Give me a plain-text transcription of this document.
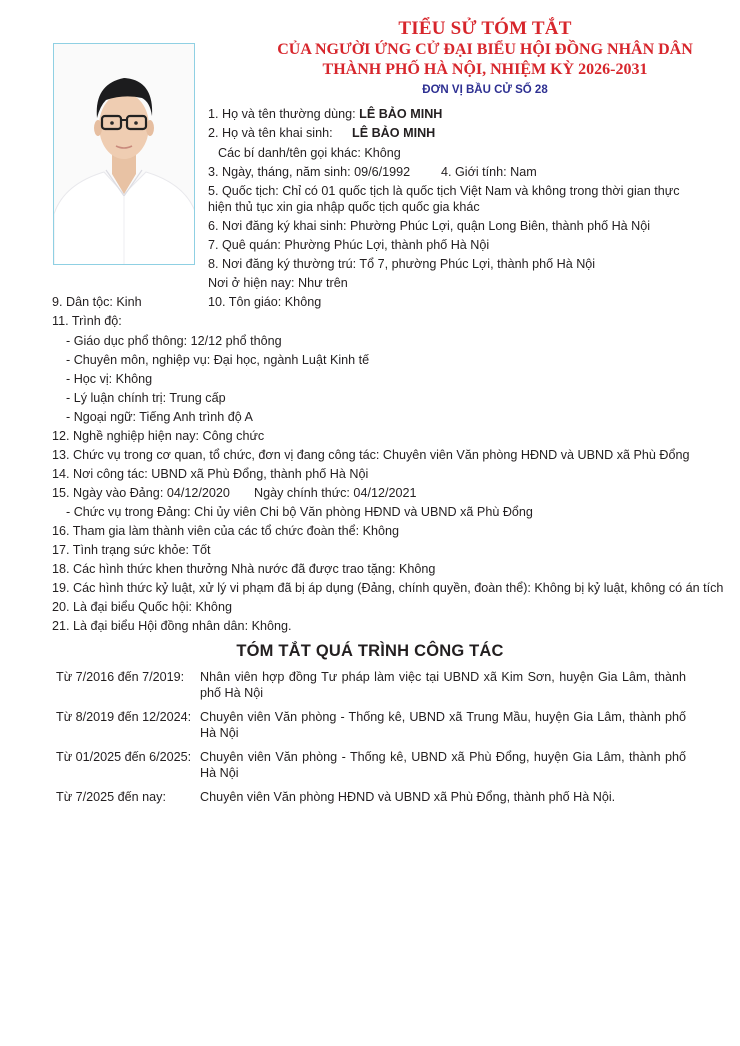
TIỂU SỬ TÓM TẮT
CỦA NGƯỜI ỨNG CỬ ĐẠI BIỂU HỘI ĐỒNG NHÂN DÂN
THÀNH PHỐ HÀ NỘI, NHIỆM KỲ 2026-2031
ĐƠN VỊ BẦU CỬ SỐ 28
1. Họ và tên thường dùng: LÊ BẢO MINH
2. Họ và tên khai sinh: LÊ BẢO MINH
Các bí danh/tên gọi khác: Không
3. Ngày, tháng, năm sinh: 09/6/1992 4. Giới tính: Nam
5. Quốc tịch: Chỉ có 01 quốc tịch là quốc tịch Việt Nam và không trong thời gian thực hiện thủ tục xin gia nhập quốc tịch quốc gia khác
6. Nơi đăng ký khai sinh: Phường Phúc Lợi, quận Long Biên, thành phố Hà Nội
7. Quê quán: Phường Phúc Lợi, thành phố Hà Nội
8. Nơi đăng ký thường trú: Tổ 7, phường Phúc Lợi, thành phố Hà Nội
Nơi ở hiện nay: Như trên
9. Dân tộc: Kinh	10. Tôn giáo: Không
11. Trình độ:
- Giáo dục phổ thông: 12/12 phổ thông
- Chuyên môn, nghiệp vụ: Đại học, ngành Luật Kinh tế
- Học vị: Không
- Lý luận chính trị: Trung cấp
- Ngoại ngữ: Tiếng Anh trình độ A
12. Nghề nghiệp hiện nay: Công chức
13. Chức vụ trong cơ quan, tổ chức, đơn vị đang công tác: Chuyên viên Văn phòng HĐND và UBND xã Phù Đổng
14. Nơi công tác: UBND xã Phù Đổng, thành phố Hà Nội
15. Ngày vào Đảng: 04/12/2020 Ngày chính thức: 04/12/2021
- Chức vụ trong Đảng: Chi ủy viên Chi bộ Văn phòng HĐND và UBND xã Phù Đổng
16. Tham gia làm thành viên của các tổ chức đoàn thể: Không
17. Tình trạng sức khỏe: Tốt
18. Các hình thức khen thưởng Nhà nước đã được trao tặng: Không
19. Các hình thức kỷ luật, xử lý vi phạm đã bị áp dụng (Đảng, chính quyền, đoàn thể): Không bị kỷ luật, không có án tích
20. Là đại biểu Quốc hội: Không
21. Là đại biểu Hội đồng nhân dân: Không.
TÓM TẮT QUÁ TRÌNH CÔNG TÁC
Từ 7/2016 đến 7/2019:	Nhân viên hợp đồng Tư pháp làm việc tại UBND xã Kim Sơn, huyện Gia Lâm, thành phố Hà Nội
Từ 8/2019 đến 12/2024: Chuyên viên Văn phòng - Thống kê, UBND xã Trung Mầu, huyện Gia Lâm, thành phố Hà Nội
Từ 01/2025 đến 6/2025: Chuyên viên Văn phòng - Thống kê, UBND xã Phù Đổng, huyện Gia Lâm, thành phố Hà Nội
Từ 7/2025 đến nay:	Chuyên viên Văn phòng HĐND và UBND xã Phù Đổng, thành phố Hà Nội.
